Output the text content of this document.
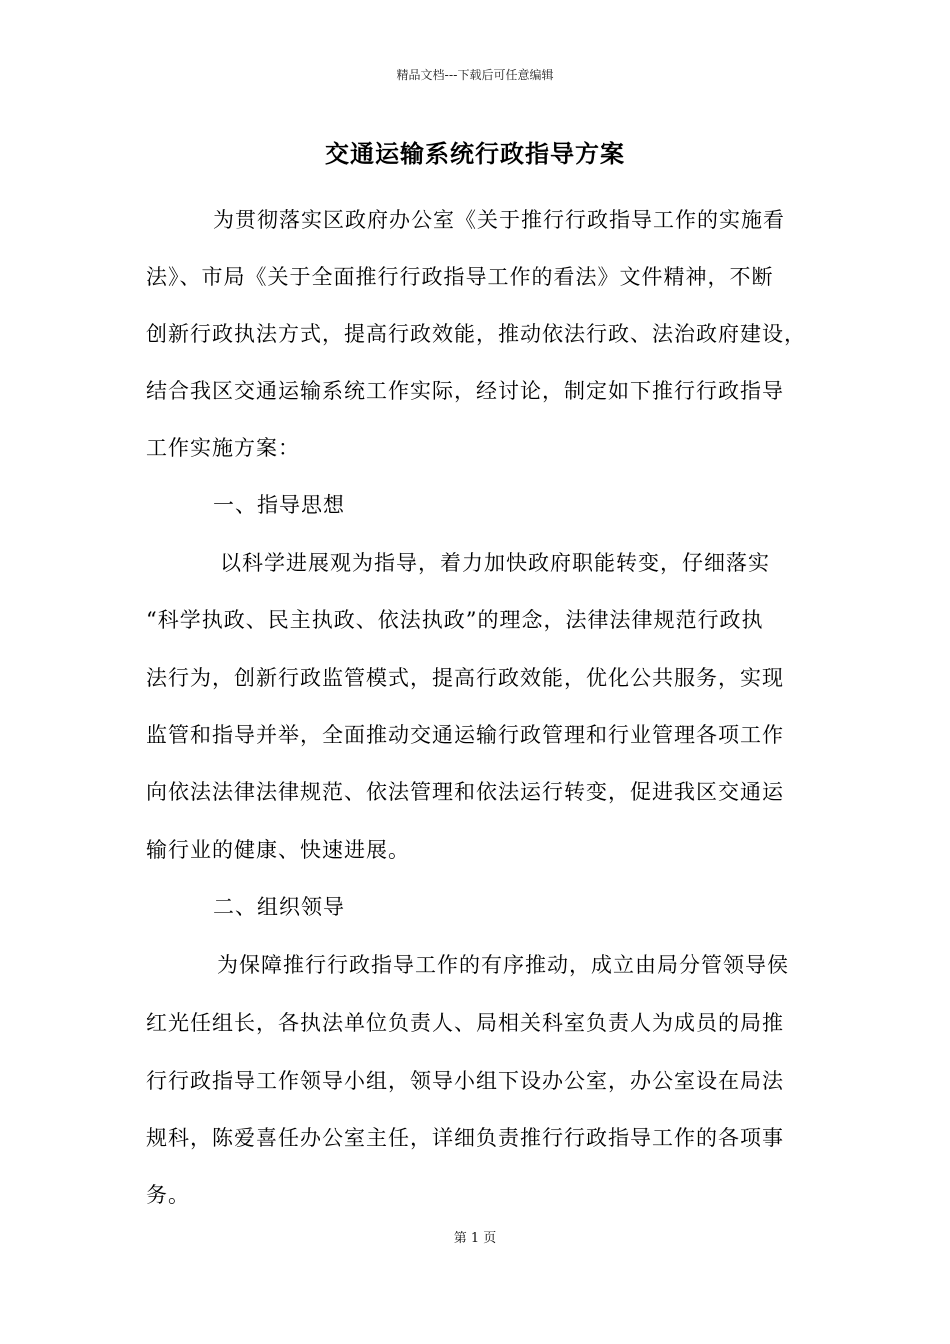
精品文档---下载后可任意编辑
交通运输系统行政指导方案
为贯彻落实区政府办公室《关于推行行政指导工作的实施看
法》、市局《关于全面推行行政指导工作的看法》文件精神，不断
创新行政执法方式，提高行政效能，推动依法行政、法治政府建设，
结合我区交通运输系统工作实际，经讨论，制定如下推行行政指导
工作实施方案：
一、指导思想
以科学进展观为指导，着力加快政府职能转变，仔细落实
“科学执政、民主执政、依法执政”的理念，法律法律规范行政执
法行为，创新行政监管模式，提高行政效能，优化公共服务，实现
监管和指导并举，全面推动交通运输行政管理和行业管理各项工作
向依法法律法律规范、依法管理和依法运行转变，促进我区交通运
输行业的健康、快速进展。
二、组织领导
为保障推行行政指导工作的有序推动，成立由局分管领导侯
红光任组长，各执法单位负责人、局相关科室负责人为成员的局推
行行政指导工作领导小组，领导小组下设办公室，办公室设在局法
规科，陈爱喜任办公室主任，详细负责推行行政指导工作的各项事
务。
第 1 页
